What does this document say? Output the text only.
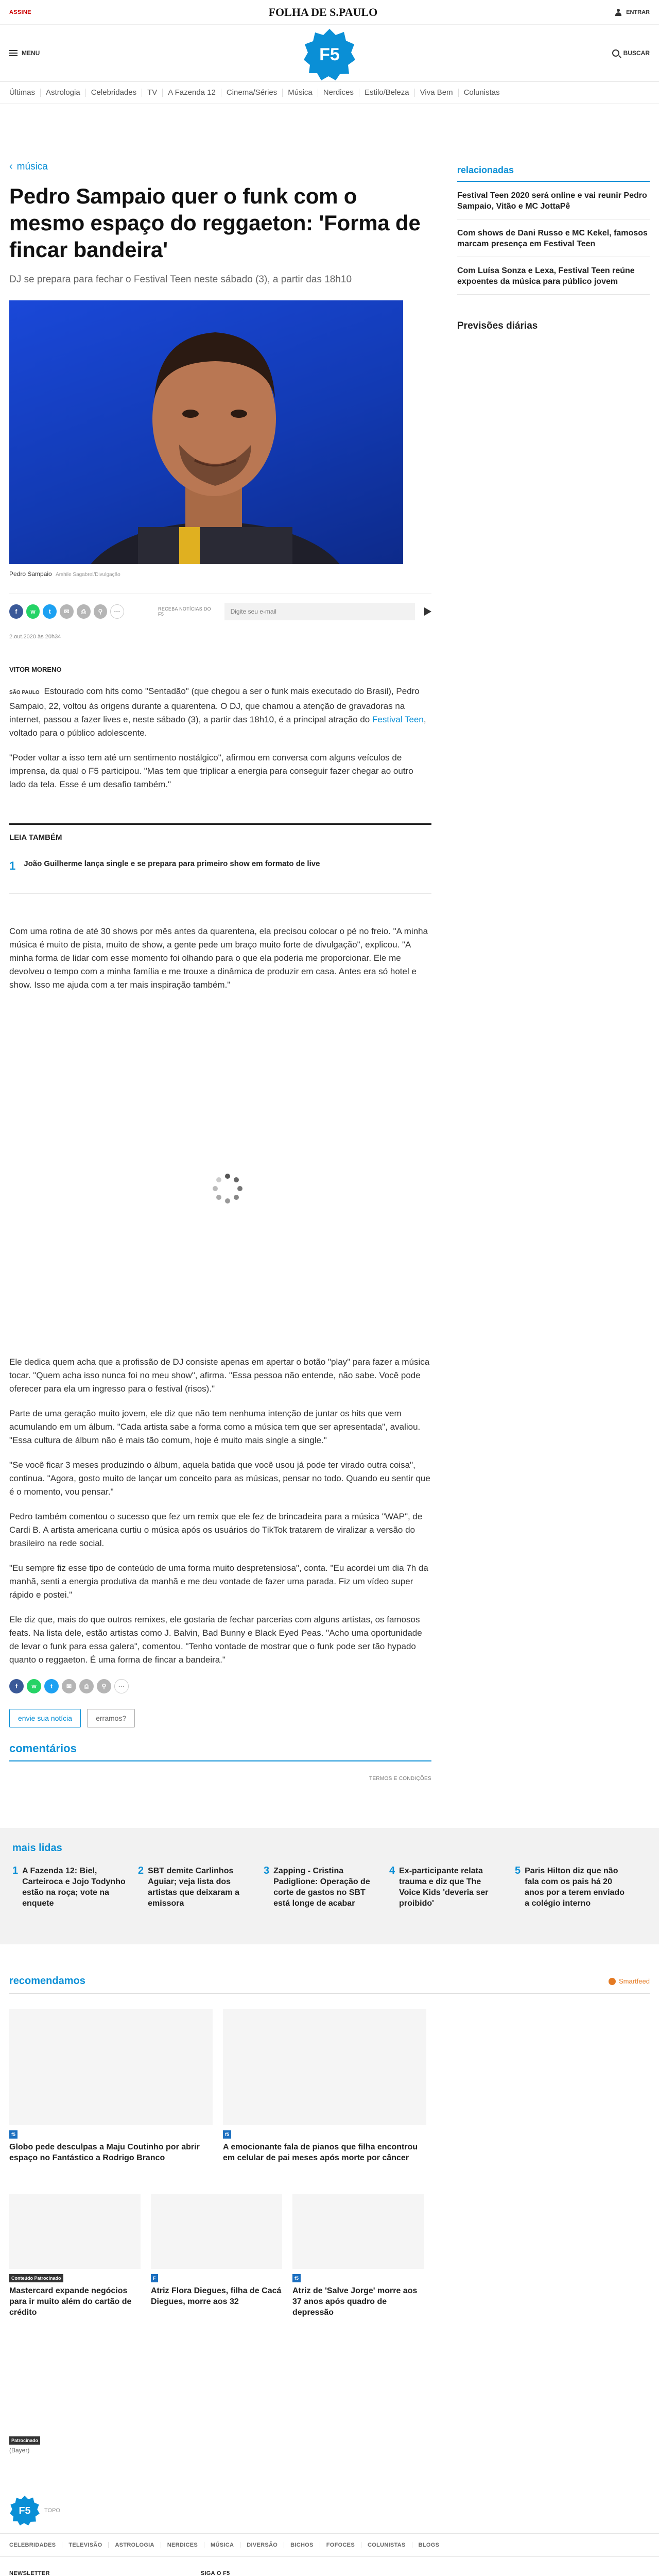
ASSINE	FOLHA DE S.PAULO	ENTRAR
MENU	F5	BUSCAR
Últimas	Astrologia	Celebridades	TV	A Fazenda 12	Cinema/Séries	Música	Nerdices	Estilo/Beleza	Viva Bem	Colunistas
‹ música
Pedro Sampaio quer o funk com o mesmo espaço do reggaeton: 'Forma de fincar bandeira'

DJ se prepara para fechar o Festival Teen neste sábado (3), a partir das 18h10

Pedro Sampaio Arshile Sagabrel/Divulgação
f	w	t	✉	⎙	⚲	···	RECEBA NOTÍCIAS DO F5
Digite seu e-mail
2.out.2020 às 20h34
VITOR MORENO

SÃO PAULO Estourado com hits como "Sentadão" (que chegou a ser o funk mais executado do Brasil), Pedro Sampaio, 22, voltou às origens durante a quarentena. O DJ, que chamou a atenção de gravadoras na internet, passou a fazer lives e, neste sábado (3), a partir das 18h10, é a principal atração do Festival Teen, voltado para o público adolescente.

"Poder voltar a isso tem até um sentimento nostálgico", afirmou em conversa com alguns veículos de imprensa, da qual o F5 participou. "Mas tem que triplicar a energia para conseguir fazer chegar ao outro lado da tela. Esse é um desafio também."

LEIA TAMBÉM
1 João Guilherme lança single e se prepara para primeiro show em formato de live

Com uma rotina de até 30 shows por mês antes da quarentena, ela precisou colocar o pé no freio. "A minha música é muito de pista, muito de show, a gente pede um braço muito forte de divulgação", explicou. "A minha forma de lidar com esse momento foi olhando para o que ela poderia me proporcionar. Ele me devolveu o tempo com a minha família e me trouxe a dinâmica de produzir em casa. Antes era só hotel e show. Isso me ajuda com a ter mais inspiração também."

Ele dedica quem acha que a profissão de DJ consiste apenas em apertar o botão "play" para fazer a música tocar. "Quem acha isso nunca foi no meu show", afirma. "Essa pessoa não entende, não sabe. Você pode oferecer para ela um ingresso para o festival (risos)."

Parte de uma geração muito jovem, ele diz que não tem nenhuma intenção de juntar os hits que vem acumulando em um álbum. "Cada artista sabe a forma como a música tem que ser apresentada", avaliou. "Essa cultura de álbum não é mais tão comum, hoje é muito mais single a single."

"Se você ficar 3 meses produzindo o álbum, aquela batida que você usou já pode ter virado outra coisa", continua. "Agora, gosto muito de lançar um conceito para as músicas, pensar no todo. Quando eu sentir que é o momento, vou pensar."

Pedro também comentou o sucesso que fez um remix que ele fez de brincadeira para a música "WAP", de Cardi B. A artista americana curtiu o música após os usuários do TikTok tratarem de viralizar a versão do brasileiro na rede social.

"Eu sempre fiz esse tipo de conteúdo de uma forma muito despretensiosa", conta. "Eu acordei um dia 7h da manhã, senti a energia produtiva da manhã e me deu vontade de fazer uma parada. Fiz um vídeo super rápido e postei."

Ele diz que, mais do que outros remixes, ele gostaria de fechar parcerias com alguns artistas, os famosos feats. Na lista dele, estão artistas como J. Balvin, Bad Bunny e Black Eyed Peas. "Acho uma oportunidade de levar o funk para essa galera", comentou. "Tenho vontade de mostrar que o funk pode ser tão hypado quanto o reggaeton. É uma forma de fincar a bandeira."

f	w	t	✉	⎙	⚲	···
envie sua notícia	erramos?
comentários
TERMOS E CONDIÇÕES
relacionadas
Festival Teen 2020 será online e vai reunir Pedro Sampaio, Vitão e MC JottaPê
Com shows de Dani Russo e MC Kekel, famosos marcam presença em Festival Teen
Com Luísa Sonza e Lexa, Festival Teen reúne expoentes da música para público jovem
Previsões diárias
mais lidas
1 A Fazenda 12: Biel, Carteiroca e Jojo Todynho estão na roça; vote na enquete
2 SBT demite Carlinhos Aguiar; veja lista dos artistas que deixaram a emissora
3 Zapping - Cristina Padiglione: Operação de corte de gastos no SBT está longe de acabar
4 Ex-participante relata trauma e diz que The Voice Kids 'deveria ser proibido'
5 Paris Hilton diz que não fala com os pais há 20 anos por a terem enviado a colégio interno
recomendamos	Smartfeed
f5
Globo pede desculpas a Maju Coutinho por abrir espaço no Fantástico a Rodrigo Branco
f5
A emocionante fala de pianos que filha encontrou em celular de pai meses após morte por câncer
Conteúdo Patrocinado
Mastercard expande negócios para ir muito além do cartão de crédito
F
Atriz Flora Diegues, filha de Cacá Diegues, morre aos 32
f5
Atriz de 'Salve Jorge' morre aos 37 anos após quadro de depressão
Patrocinado
(Bayer)
F5 TOPO
CELEBRIDADES	TELEVISÃO	ASTROLOGIA	NERDICES	MÚSICA	DIVERSÃO	BICHOS	FOFOCES	COLUNISTAS	BLOGS
NEWSLETTER	SIGA O F5
